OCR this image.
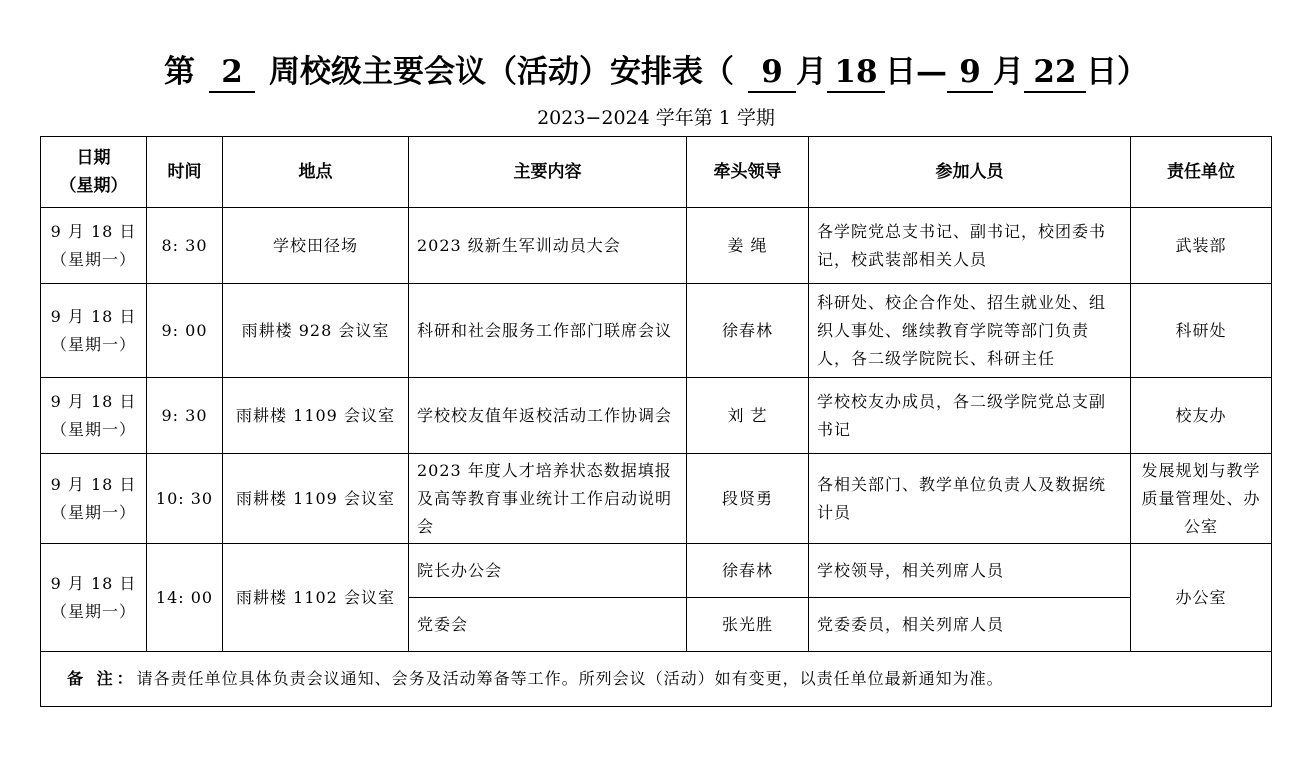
第 2 周校级主要会议（活动）安排表（ 9 月 18 日— 9 月 22 日）
2023−2024 学年第 1 学期
日期
（星期）	时间	地点	主要内容	牵头领导	参加人员	责任单位

9 月 18 日
（星期一）	8: 30	学校田径场	2023 级新生军训动员大会	姜 绳	各学院党总支书记、副书记，校团委书记，校武装部相关人员	武装部

9 月 18 日
（星期一）	9: 00	雨耕楼 928 会议室	科研和社会服务工作部门联席会议	徐春林	科研处、校企合作处、招生就业处、组织人事处、继续教育学院等部门负责人，各二级学院院长、科研主任	科研处

9 月 18 日
（星期一）	9: 30	雨耕楼 1109 会议室	学校校友值年返校活动工作协调会	刘 艺	学校校友办成员，各二级学院党总支副书记	校友办

9 月 18 日
（星期一）	10: 30	雨耕楼 1109 会议室	2023 年度人才培养状态数据填报及高等教育事业统计工作启动说明会	段贤勇	各相关部门、教学单位负责人及数据统计员	发展规划与教学质量管理处、办公室

9 月 18 日
（星期一）	14: 00	雨耕楼 1102 会议室	院长办公会	徐春林	学校领导，相关列席人员	办公室
			党委会	张光胜	党委委员，相关列席人员	
备 注：请各责任单位具体负责会议通知、会务及活动筹备等工作。所列会议（活动）如有变更，以责任单位最新通知为准。						
